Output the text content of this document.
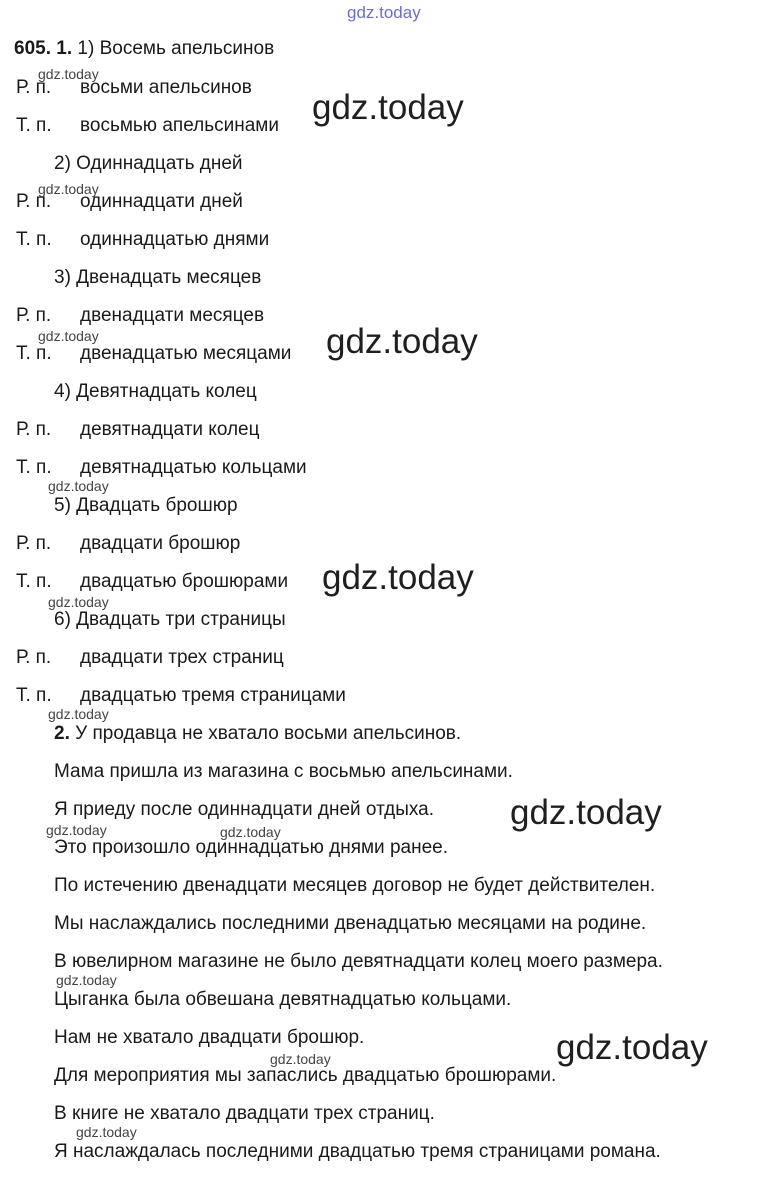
gdz.today
605. 1. 1) Восемь апельсинов
Р. п. восьми апельсинов
Т. п. восьмью апельсинами
2) Одиннадцать дней
Р. п. одиннадцати дней
Т. п. одиннадцатью днями
3) Двенадцать месяцев
Р. п. двенадцати месяцев
Т. п. двенадцатью месяцами
4) Девятнадцать колец
Р. п. девятнадцати колец
Т. п. девятнадцатью кольцами
5) Двадцать брошюр
Р. п. двадцати брошюр
Т. п. двадцатью брошюрами
6) Двадцать три страницы
Р. п. двадцати трех страниц
Т. п. двадцатью тремя страницами
2. У продавца не хватало восьми апельсинов.
Мама пришла из магазина с восьмью апельсинами.
Я приеду после одиннадцати дней отдыха.
Это произошло одиннадцатью днями ранее.
По истечению двенадцати месяцев договор не будет действителен.
Мы наслаждались последними двенадцатью месяцами на родине.
В ювелирном магазине не было девятнадцати колец моего размера.
Цыганка была обвешана девятнадцатью кольцами.
Нам не хватало двадцати брошюр.
Для мероприятия мы запаслись двадцатью брошюрами.
В книге не хватало двадцати трех страниц.
Я наслаждалась последними двадцатью тремя страницами романа.
gdz.today
gdz.today
gdz.today
gdz.today
gdz.today
gdz.today
gdz.today
gdz.today
gdz.today
gdz.today
gdz.today
gdz.today	gdz.today
gdz.today
gdz.today
gdz.today
